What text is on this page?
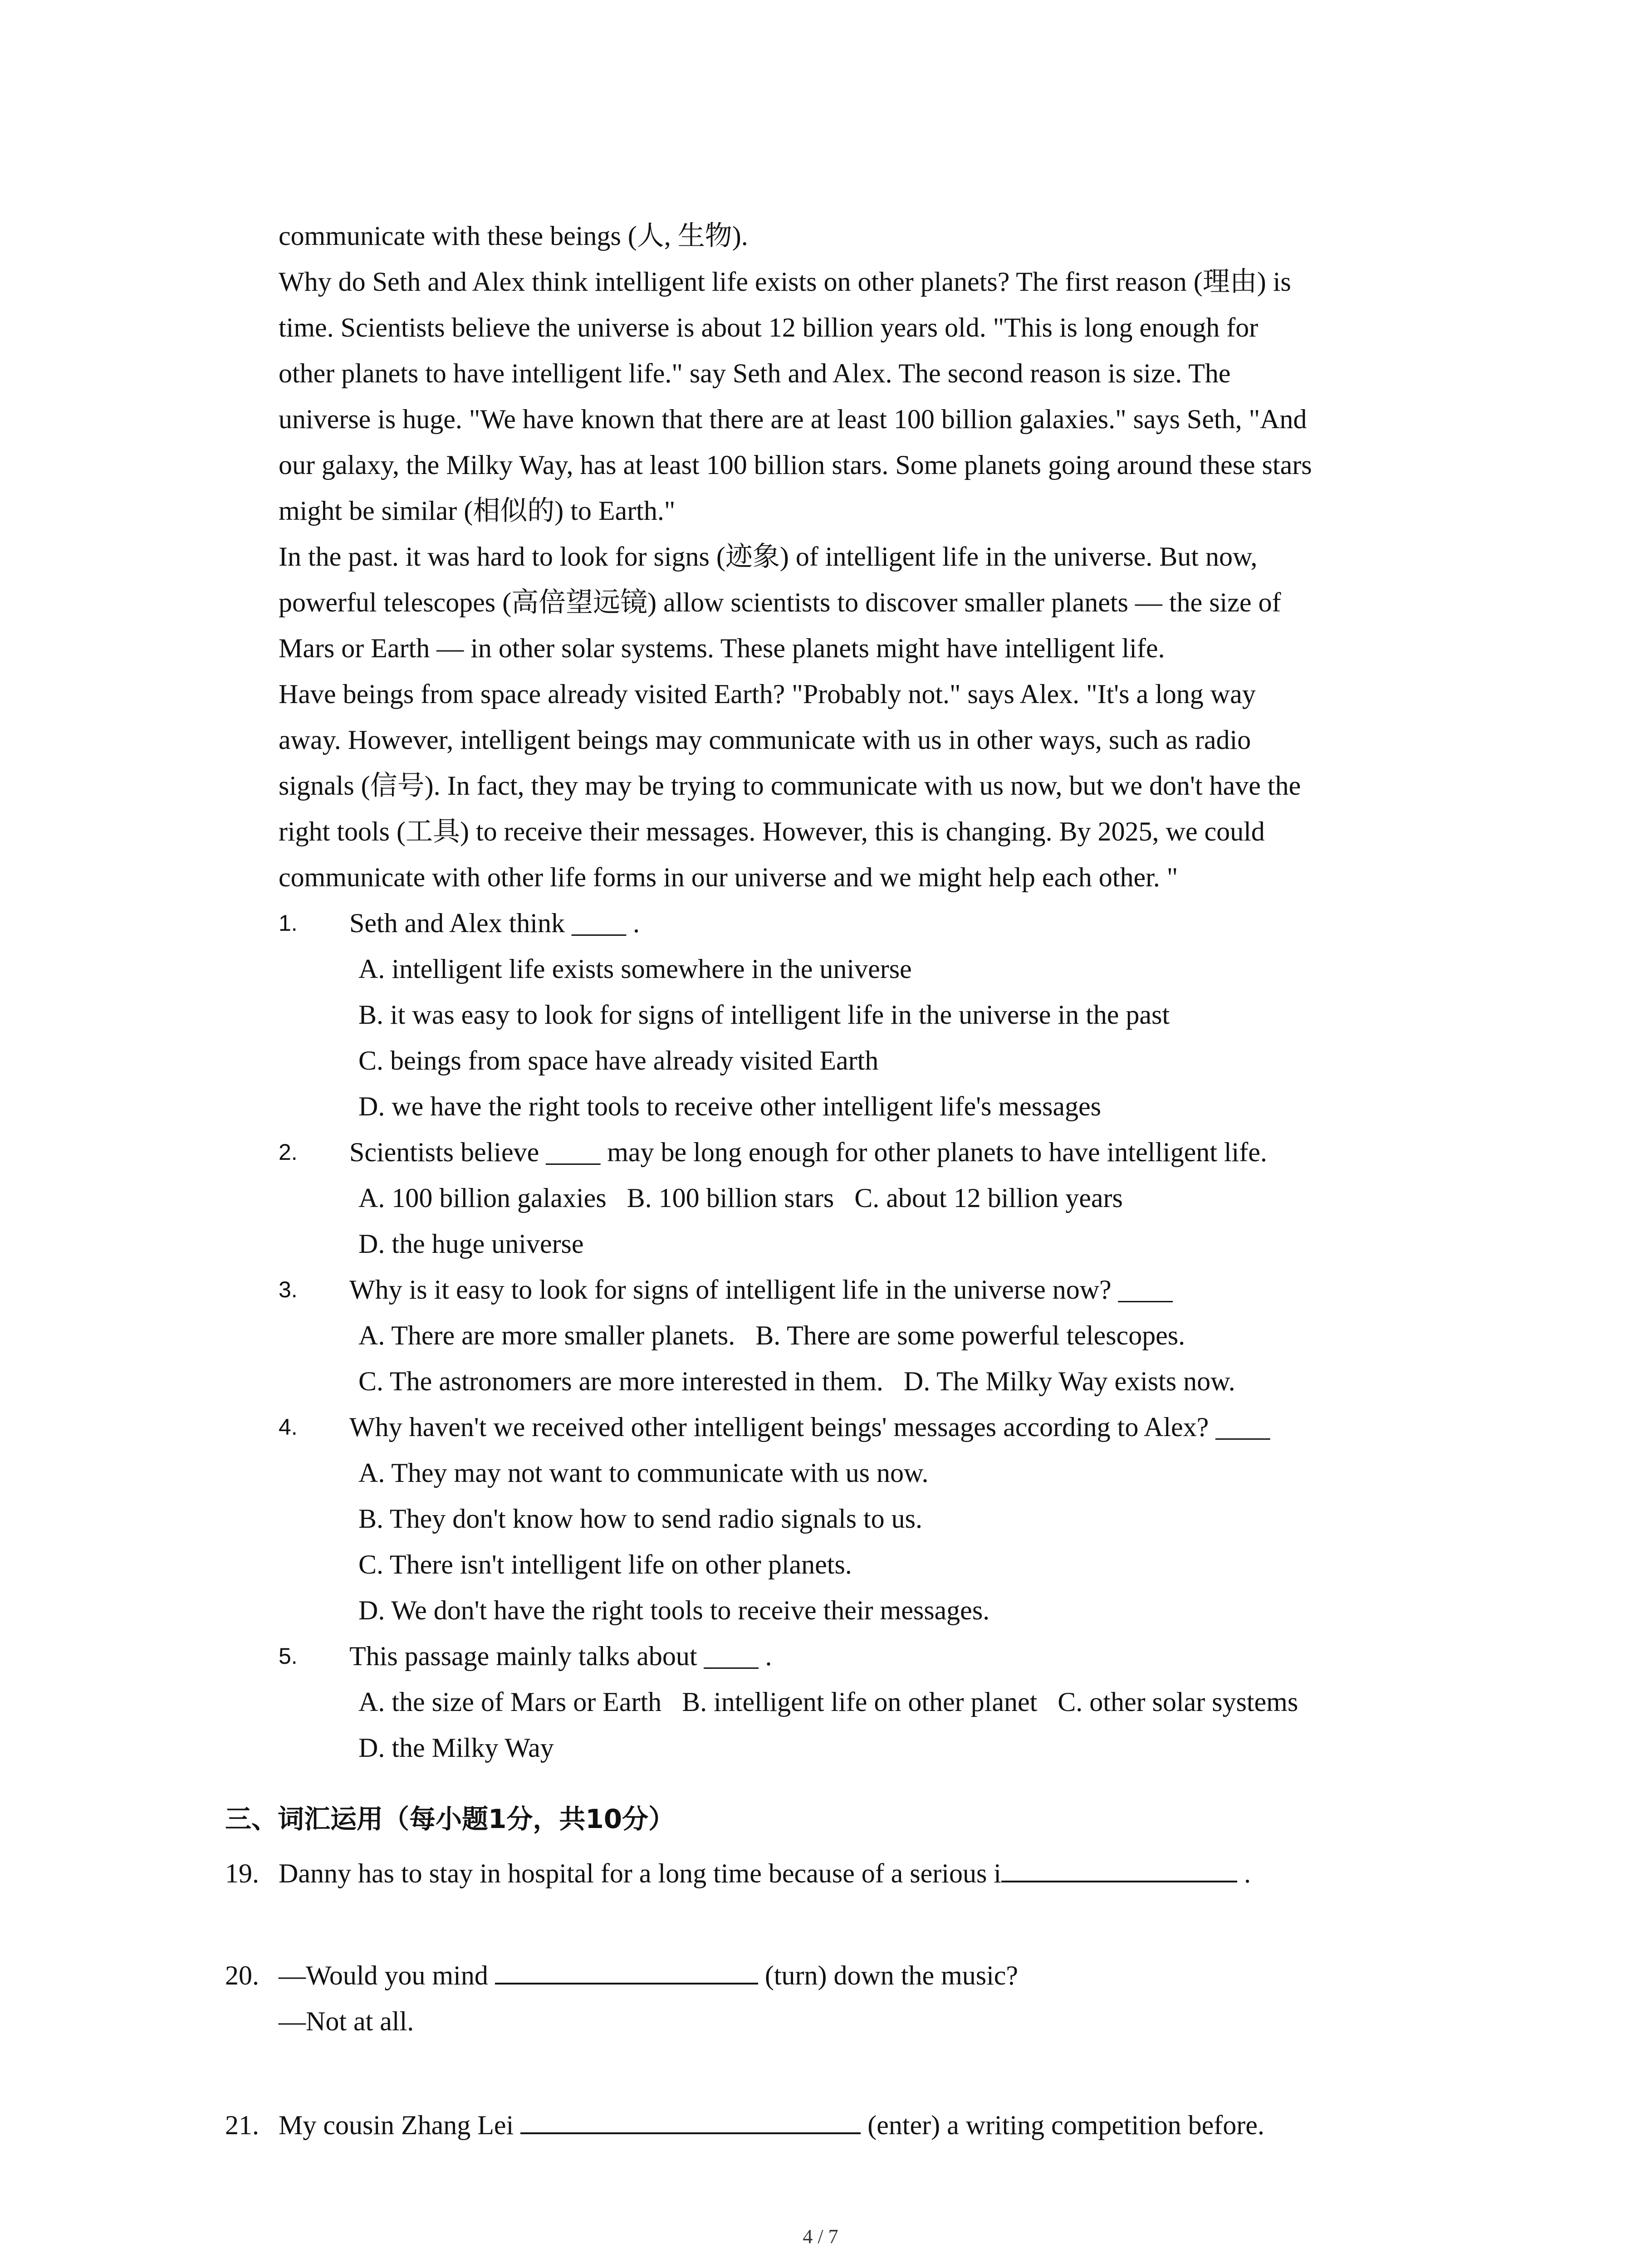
communicate with these beings (人, 生物).
Why do Seth and Alex think intelligent life exists on other planets? The first reason (理由) is
time. Scientists believe the universe is about 12 billion years old. "This is long enough for
other planets to have intelligent life." say Seth and Alex. The second reason is size. The
universe is huge. "We have known that there are at least 100 billion galaxies." says Seth, "And
our galaxy, the Milky Way, has at least 100 billion stars. Some planets going around these stars
might be similar (相似的) to Earth."
In the past. it was hard to look for signs (迹象) of intelligent life in the universe. But now,
powerful telescopes (高倍望远镜) allow scientists to discover smaller planets — the size of
Mars or Earth — in other solar systems. These planets might have intelligent life.
Have beings from space already visited Earth? "Probably not." says Alex. "It's a long way
away. However, intelligent beings may communicate with us in other ways, such as radio
signals (信号). In fact, they may be trying to communicate with us now, but we don't have the
right tools (工具) to receive their messages. However, this is changing. By 2025, we could
communicate with other life forms in our universe and we might help each other. "
1. Seth and Alex think ____ .
A. intelligent life exists somewhere in the universe
B. it was easy to look for signs of intelligent life in the universe in the past
C. beings from space have already visited Earth
D. we have the right tools to receive other intelligent life's messages
2. Scientists believe ____ may be long enough for other planets to have intelligent life.
A. 100 billion galaxies   B. 100 billion stars   C. about 12 billion years
D. the huge universe
3. Why is it easy to look for signs of intelligent life in the universe now? ____
A. There are more smaller planets.   B. There are some powerful telescopes.
C. The astronomers are more interested in them.   D. The Milky Way exists now.
4. Why haven't we received other intelligent beings' messages according to Alex? ____
A. They may not want to communicate with us now.
B. They don't know how to send radio signals to us.
C. There isn't intelligent life on other planets.
D. We don't have the right tools to receive their messages.
5. This passage mainly talks about ____ .
A. the size of Mars or Earth   B. intelligent life on other planet   C. other solar systems
D. the Milky Way
三、词汇运用（每小题1分，共10分）
19. Danny has to stay in hospital for a long time because of a serious i	.
20. —Would you mind	(turn) down the music?
—Not at all.
21. My cousin Zhang Lei	(enter) a writing competition before.
4 / 7
